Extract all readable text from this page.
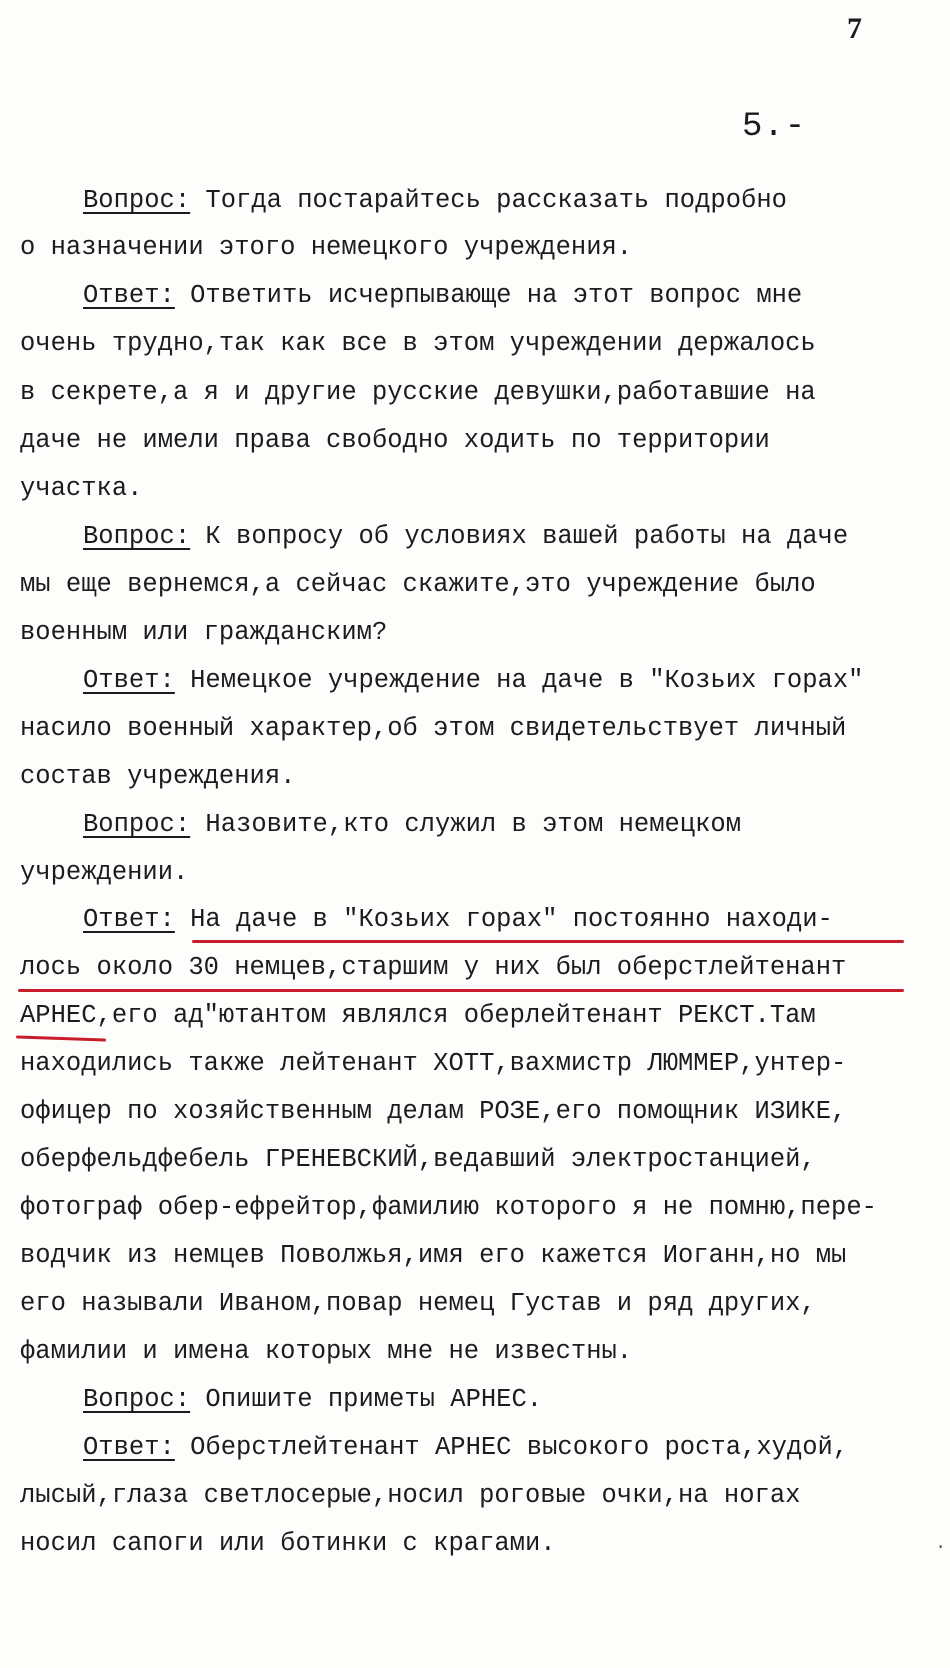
7
5.-
Вопрос: Тогда постарайтесь рассказать подробно
о назначении этого немецкого учреждения.
Ответ: Ответить исчерпывающе на этот вопрос мне
очень трудно,так как все в этом учреждении держалось
в секрете,а я и другие русские девушки,работавшие на
даче не имели права свободно ходить по территории
участка.
Вопрос: К вопросу об условиях вашей работы на даче
мы еще вернемся,а сейчас скажите,это учреждение было
военным или гражданским?
Ответ: Немецкое учреждение на даче в "Козьих горах"
насило военный характер,об этом свидетельствует личный
состав учреждения.
Вопрос: Назовите,кто служил в этом немецком
учреждении.
Ответ: На даче в "Козьих горах" постоянно находи-
лось около 30 немцев,старшим у них был оберстлейтенант
АРНЕС,его ад"ютантом являлся оберлейтенант РЕКСТ.Там
находились также лейтенант ХОТТ,вахмистр ЛЮММЕР,унтер-
офицер по хозяйственным делам РОЗЕ,его помощник ИЗИКЕ,
оберфельдфебель ГРЕНЕВСКИЙ,ведавший электростанцией,
фотограф обер-ефрейтор,фамилию которого я не помню,пере-
водчик из немцев Поволжья,имя его кажется Иоганн,но мы
его называли Иваном,повар немец Густав и ряд других,
фамилии и имена которых мне не известны.
Вопрос: Опишите приметы АРНЕС.
Ответ: Оберстлейтенант АРНЕС высокого роста,худой,
лысый,глаза светлосерые,носил роговые очки,на ногах
носил сапоги или ботинки с крагами.	·
